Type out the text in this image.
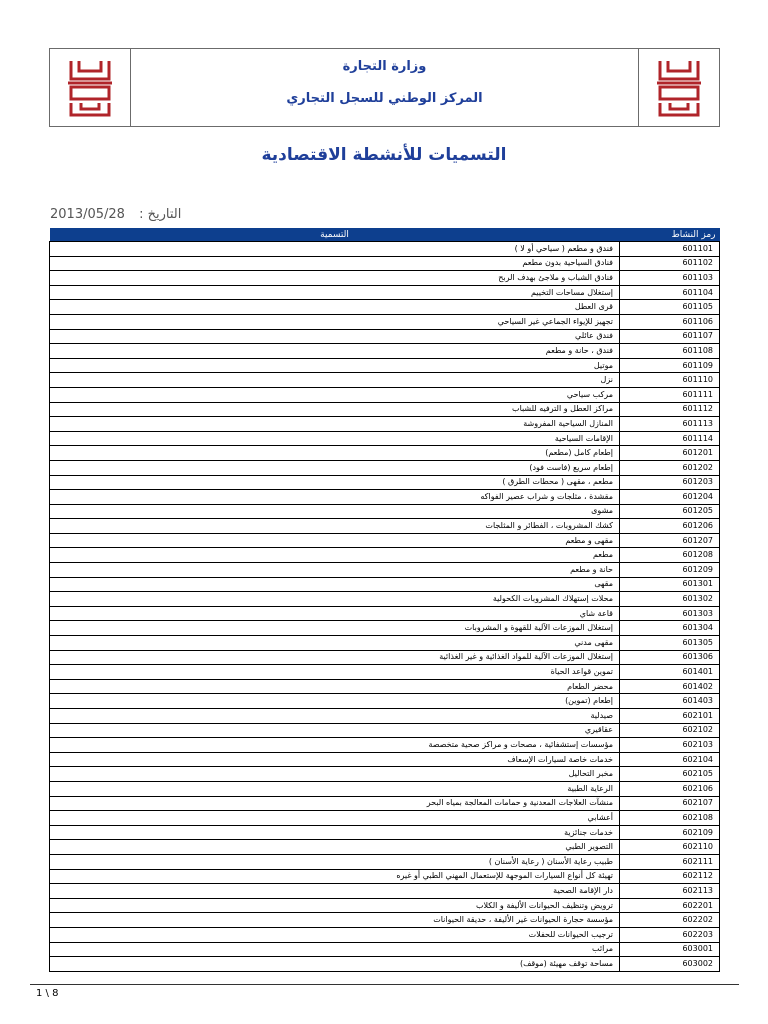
وزارة التجارة
المركز الوطني للسجل التجاري
التسميات للأنشطة الاقتصادية
2013/05/28 التاريخ :
رمز النشاط	التسمية
601101	فندق و مطعم ( سياحي أو لا )
601102	فنادق السياحية بدون مطعم
601103	فنادق الشباب و ملاجئ بهدف الربح
601104	إستغلال مساحات التخييم
601105	قرى العطل
601106	تجهيز للإيواء الجماعي غير السياحي
601107	فندق عائلي
601108	فندق ، حانة و مطعم
601109	موتيل
601110	نزل
601111	مركب سياحي
601112	مراكز العطل و الترفيه للشباب
601113	المنازل السياحية المفروشة
601114	الإقامات السياحية
601201	إطعام كامل (مطعم)
601202	إطعام سريع (فاست فود)
601203	مطعم ، مقهى ( محطات الطرق )
601204	مقشدة ، مثلجات و شراب عصير الفواكه
601205	مشوى
601206	كشك المشروبات ، الفطائر و المثلجات
601207	مقهى و مطعم
601208	مطعم
601209	حانة و مطعم
601301	مقهى
601302	محلات إستهلاك المشروبات الكحولية
601303	قاعة شاي
601304	إستغلال الموزعات الآلية للقهوة و المشروبات
601305	مقهى مدني
601306	إستغلال الموزعات الآلية للمواد الغذائية و غير الغذائية
601401	تموين قواعد الحياة
601402	محضر الطعام
601403	إطعام (تموين)
602101	صيدلية
602102	عقاقيري
602103	مؤسسات إستشفائية ، مصحات و مراكز صحية متخصصة
602104	خدمات خاصة لسيارات الإسعاف
602105	مخبر التحاليل
602106	الرعاية الطبية
602107	منشآت العلاجات المعدنية و حمامات المعالجة بمياه البحر
602108	أعشابي
602109	خدمات جنائزية
602110	التصوير الطبي
602111	طبيب رعاية الأسنان ( رعاية الأسنان )
602112	تهيئة كل أنواع السيارات الموجهة للإستعمال المهني الطبي أو غيره
602113	دار الإقامة الصحية
602201	ترويض وتنظيف الحيوانات الأليفة و الكلاب
602202	مؤسسة حجارة الحيوانات غير الأليفة ، حديقة الحيوانات
602203	ترجيب الحيوانات للحفلات
603001	مرائب
603002	مساحة توقف مهيئة (موقف)
1 \ 8
